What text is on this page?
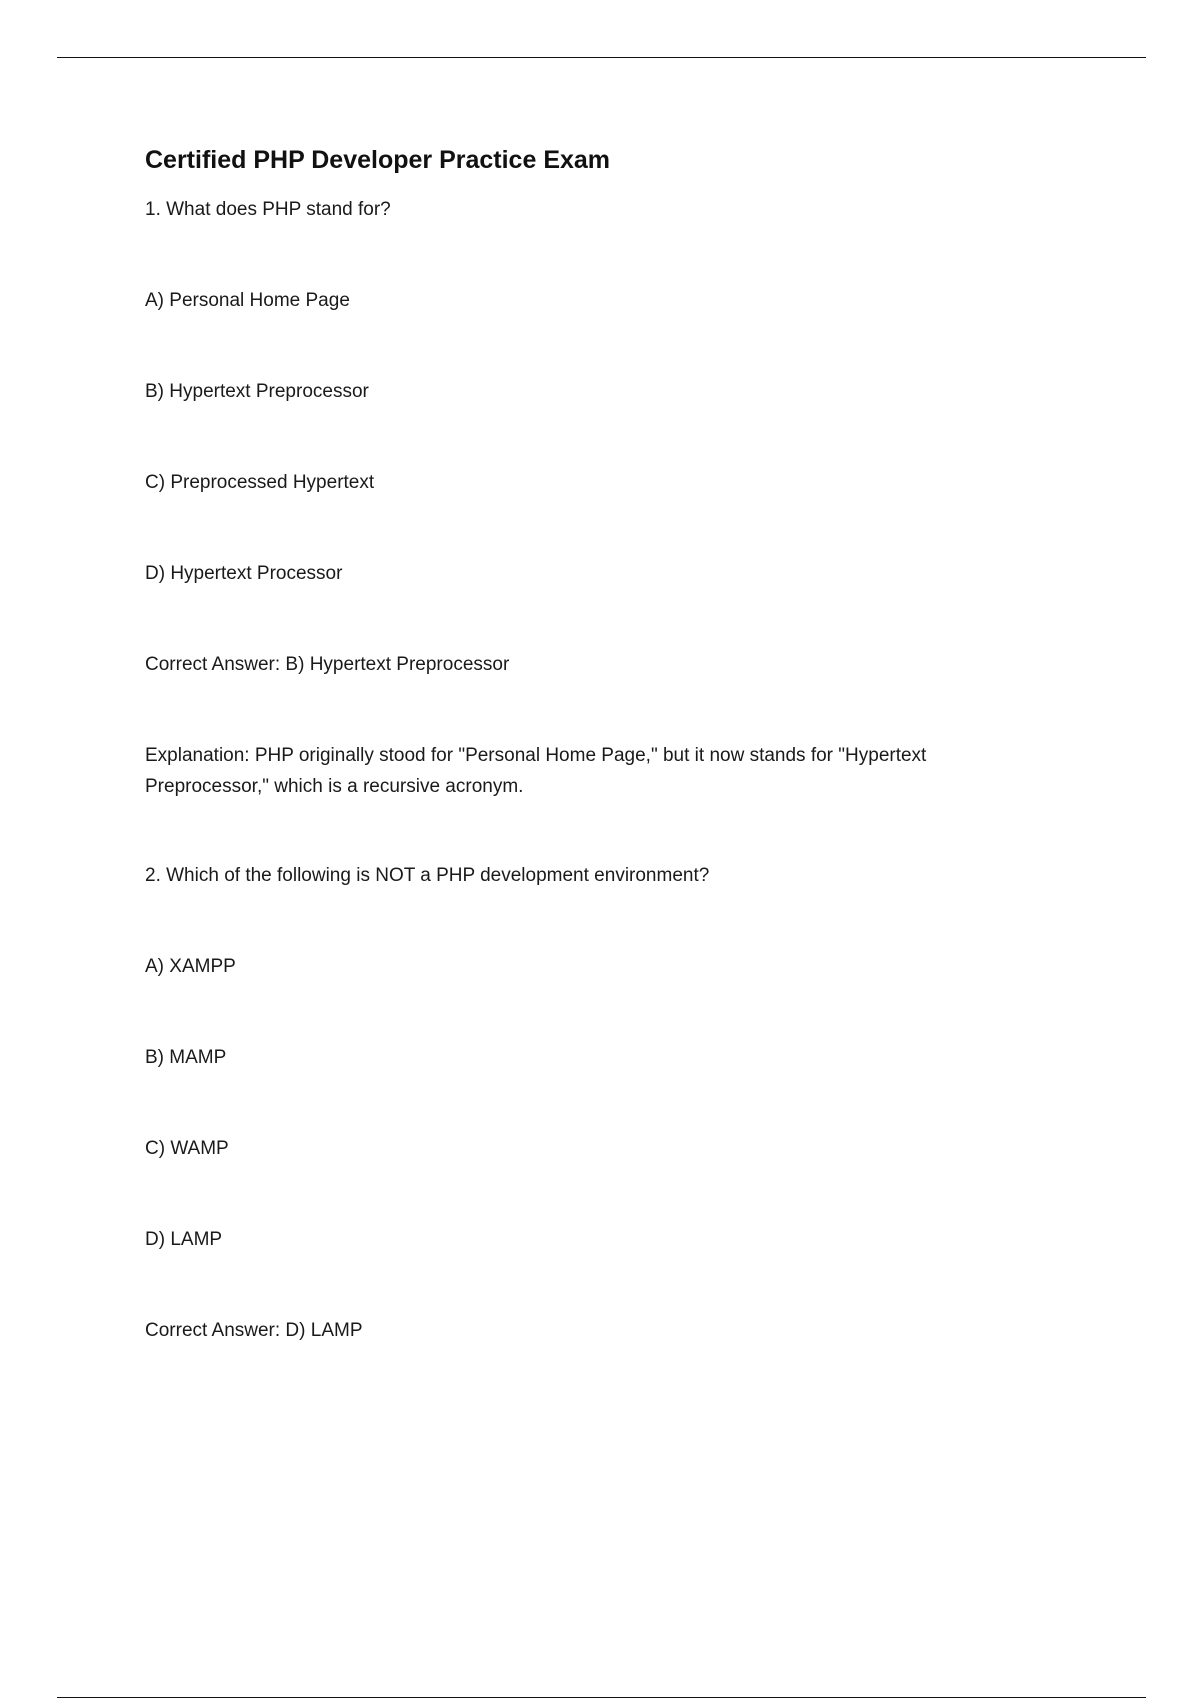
Certified PHP Developer Practice Exam
1. What does PHP stand for?
A) Personal Home Page
B) Hypertext Preprocessor
C) Preprocessed Hypertext
D) Hypertext Processor
Correct Answer: B) Hypertext Preprocessor
Explanation: PHP originally stood for "Personal Home Page," but it now stands for "Hypertext Preprocessor," which is a recursive acronym.
2. Which of the following is NOT a PHP development environment?
A) XAMPP
B) MAMP
C) WAMP
D) LAMP
Correct Answer: D) LAMP
